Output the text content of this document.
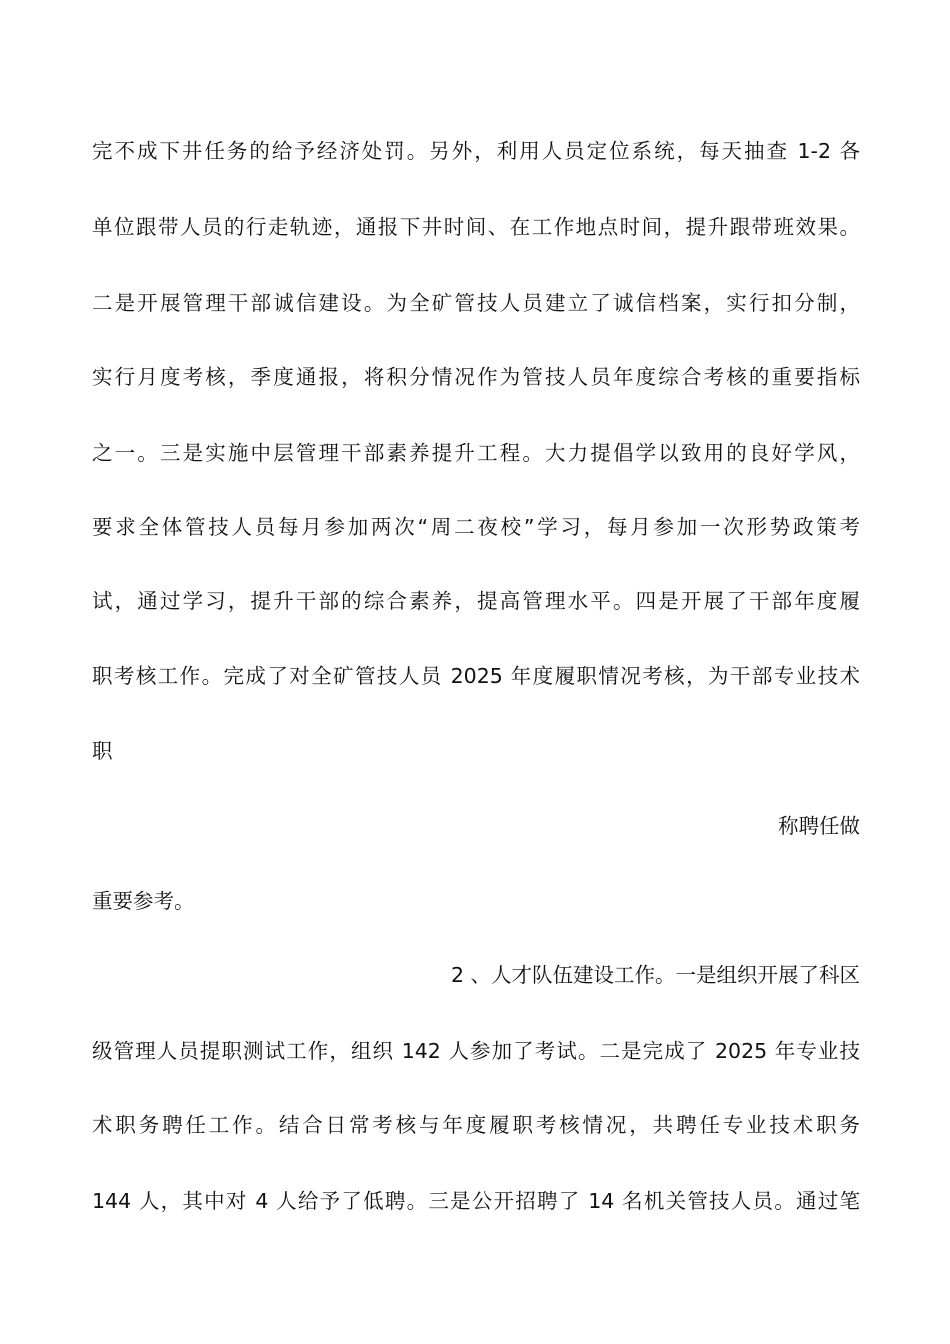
完不成下井任务的给予经济处罚。另外，利用人员定位系统，每天抽查 1-2 各
单位跟带人员的行走轨迹，通报下井时间、在工作地点时间，提升跟带班效果。
二是开展管理干部诚信建设。为全矿管技人员建立了诚信档案，实行扣分制，
实行月度考核，季度通报，将积分情况作为管技人员年度综合考核的重要指标
之一。三是实施中层管理干部素养提升工程。大力提倡学以致用的良好学风，
要求全体管技人员每月参加两次“周二夜校”学习，每月参加一次形势政策考
试，通过学习，提升干部的综合素养，提高管理水平。四是开展了干部年度履
职考核工作。完成了对全矿管技人员 2025 年度履职情况考核，为干部专业技术
职
称聘任做
重要参考。
2 、人才队伍建设工作。一是组织开展了科区
级管理人员提职测试工作，组织 142 人参加了考试。二是完成了 2025 年专业技
术职务聘任工作。结合日常考核与年度履职考核情况，共聘任专业技术职务
144 人，其中对 4 人给予了低聘。三是公开招聘了 14 名机关管技人员。通过笔
